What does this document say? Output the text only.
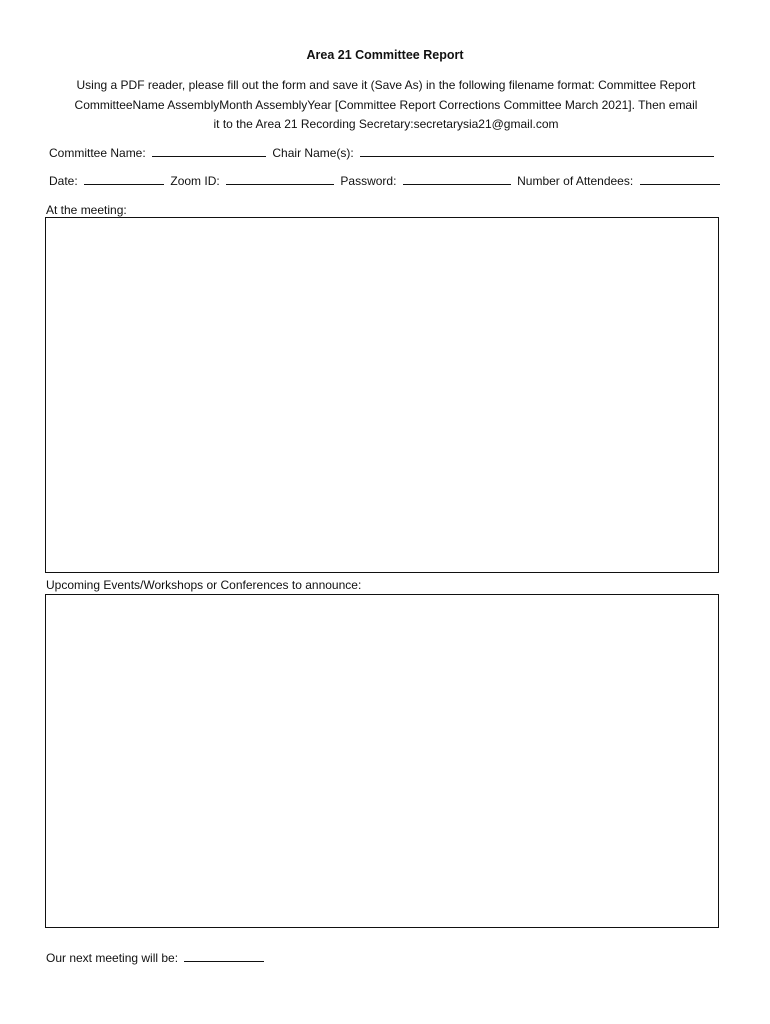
Area 21 Committee Report
Using a PDF reader, please fill out the form and save it (Save As) in the following filename format: Committee Report
CommitteeName AssemblyMonth AssemblyYear [Committee Report Corrections Committee March 2021]. Then email
it to the Area 21 Recording Secretary:secretarysia21@gmail.com
Committee Name:	Chair Name(s):
Date:	Zoom ID:	Password:	Number of Attendees:
At the meeting:
Upcoming Events/Workshops or Conferences to announce:
Our next meeting will be:
